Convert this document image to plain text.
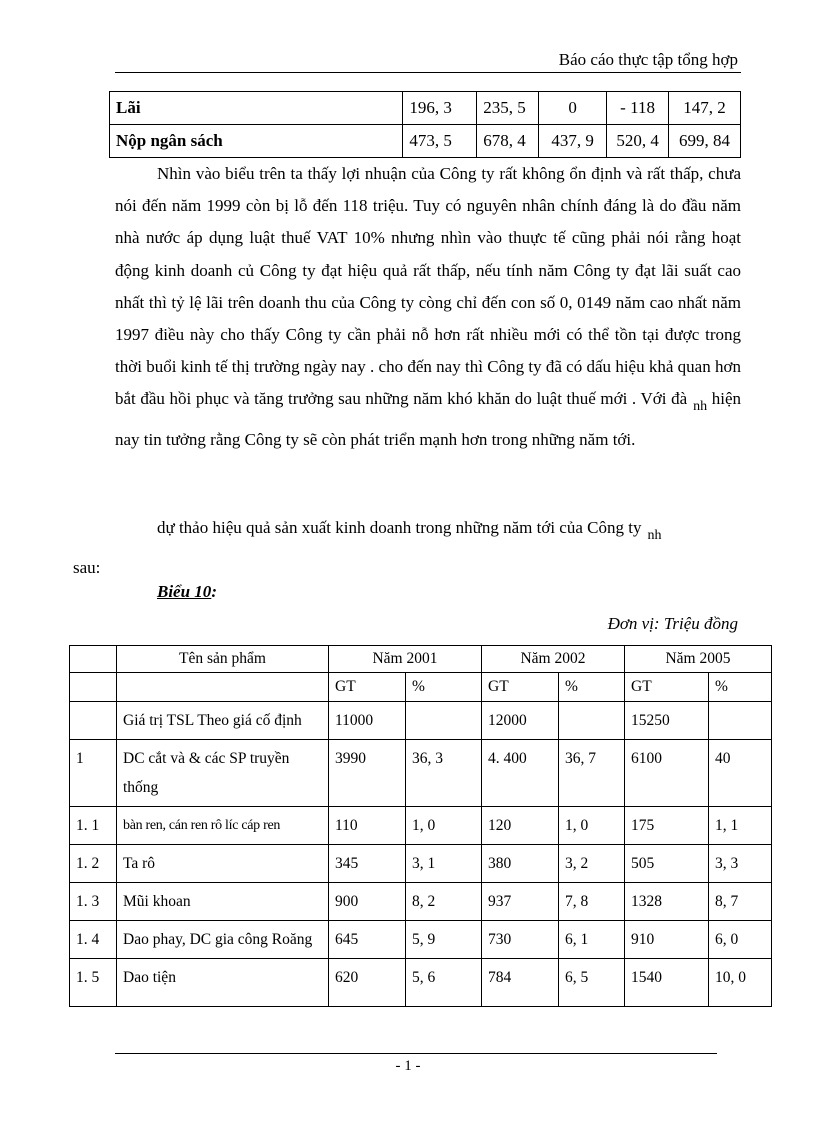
Báo cáo thực tập tổng hợp
Lãi	196, 3	235, 5	0	- 118	147, 2
Nộp ngân sách	473, 5	678, 4	437, 9	520, 4	699, 84

Nhìn vào biểu trên ta thấy lợi nhuận của Công ty rất không ổn định và rất thấp, chưa nói đến năm 1999 còn bị lỗ đến 118 triệu. Tuy có nguyên nhân chính đáng là do đầu năm nhà nước áp dụng luật thuế VAT 10% nhưng nhìn vào thuực tế cũng phải nói rằng hoạt động kinh doanh củ Công ty đạt hiệu quả rất thấp, nếu tính năm Công ty đạt lãi suất cao nhất thì tỷ lệ lãi trên doanh thu của Công ty còng chỉ đến con số 0, 0149 năm cao nhất năm 1997 điều này cho thấy Công ty cần phải nỗ hơn rất nhiều mới có thể tồn tại được trong thời buổi kinh tế thị trường ngày nay . cho đến nay thì Công ty đã có dấu hiệu khả quan hơn bắt đầu hồi phục và tăng trưởng sau những năm khó khăn do luật thuế mới . Với đà $_{nh}$ hiện nay tin tưởng rằng Công ty sẽ còn phát triển mạnh hơn trong những năm tới.

dự thảo hiệu quả sản xuất kinh doanh trong những năm tới của Công ty $_{nh}$
sau:

Biểu 10:
Đơn vị: Triệu đồng
	Tên sản phẩm	Năm 2001		Năm 2002		Năm 2005	
		GT	%	GT	%	GT	%
	Giá trị TSL Theo giá cố định	11000		12000		15250	
1	DC cắt và & các SP truyền thống	3990	36, 3	4. 400	36, 7	6100	40
1. 1	bàn ren, cán ren rô líc cáp ren	110	1, 0	120	1, 0	175	1, 1
1. 2	Ta rô	345	3, 1	380	3, 2	505	3, 3
1. 3	Mũi khoan	900	8, 2	937	7, 8	1328	8, 7
1. 4	Dao phay, DC gia công Roăng	645	5, 9	730	6, 1	910	6, 0
1. 5	Dao tiện	620	5, 6	784	6, 5	1540	10, 0
- 1 -
